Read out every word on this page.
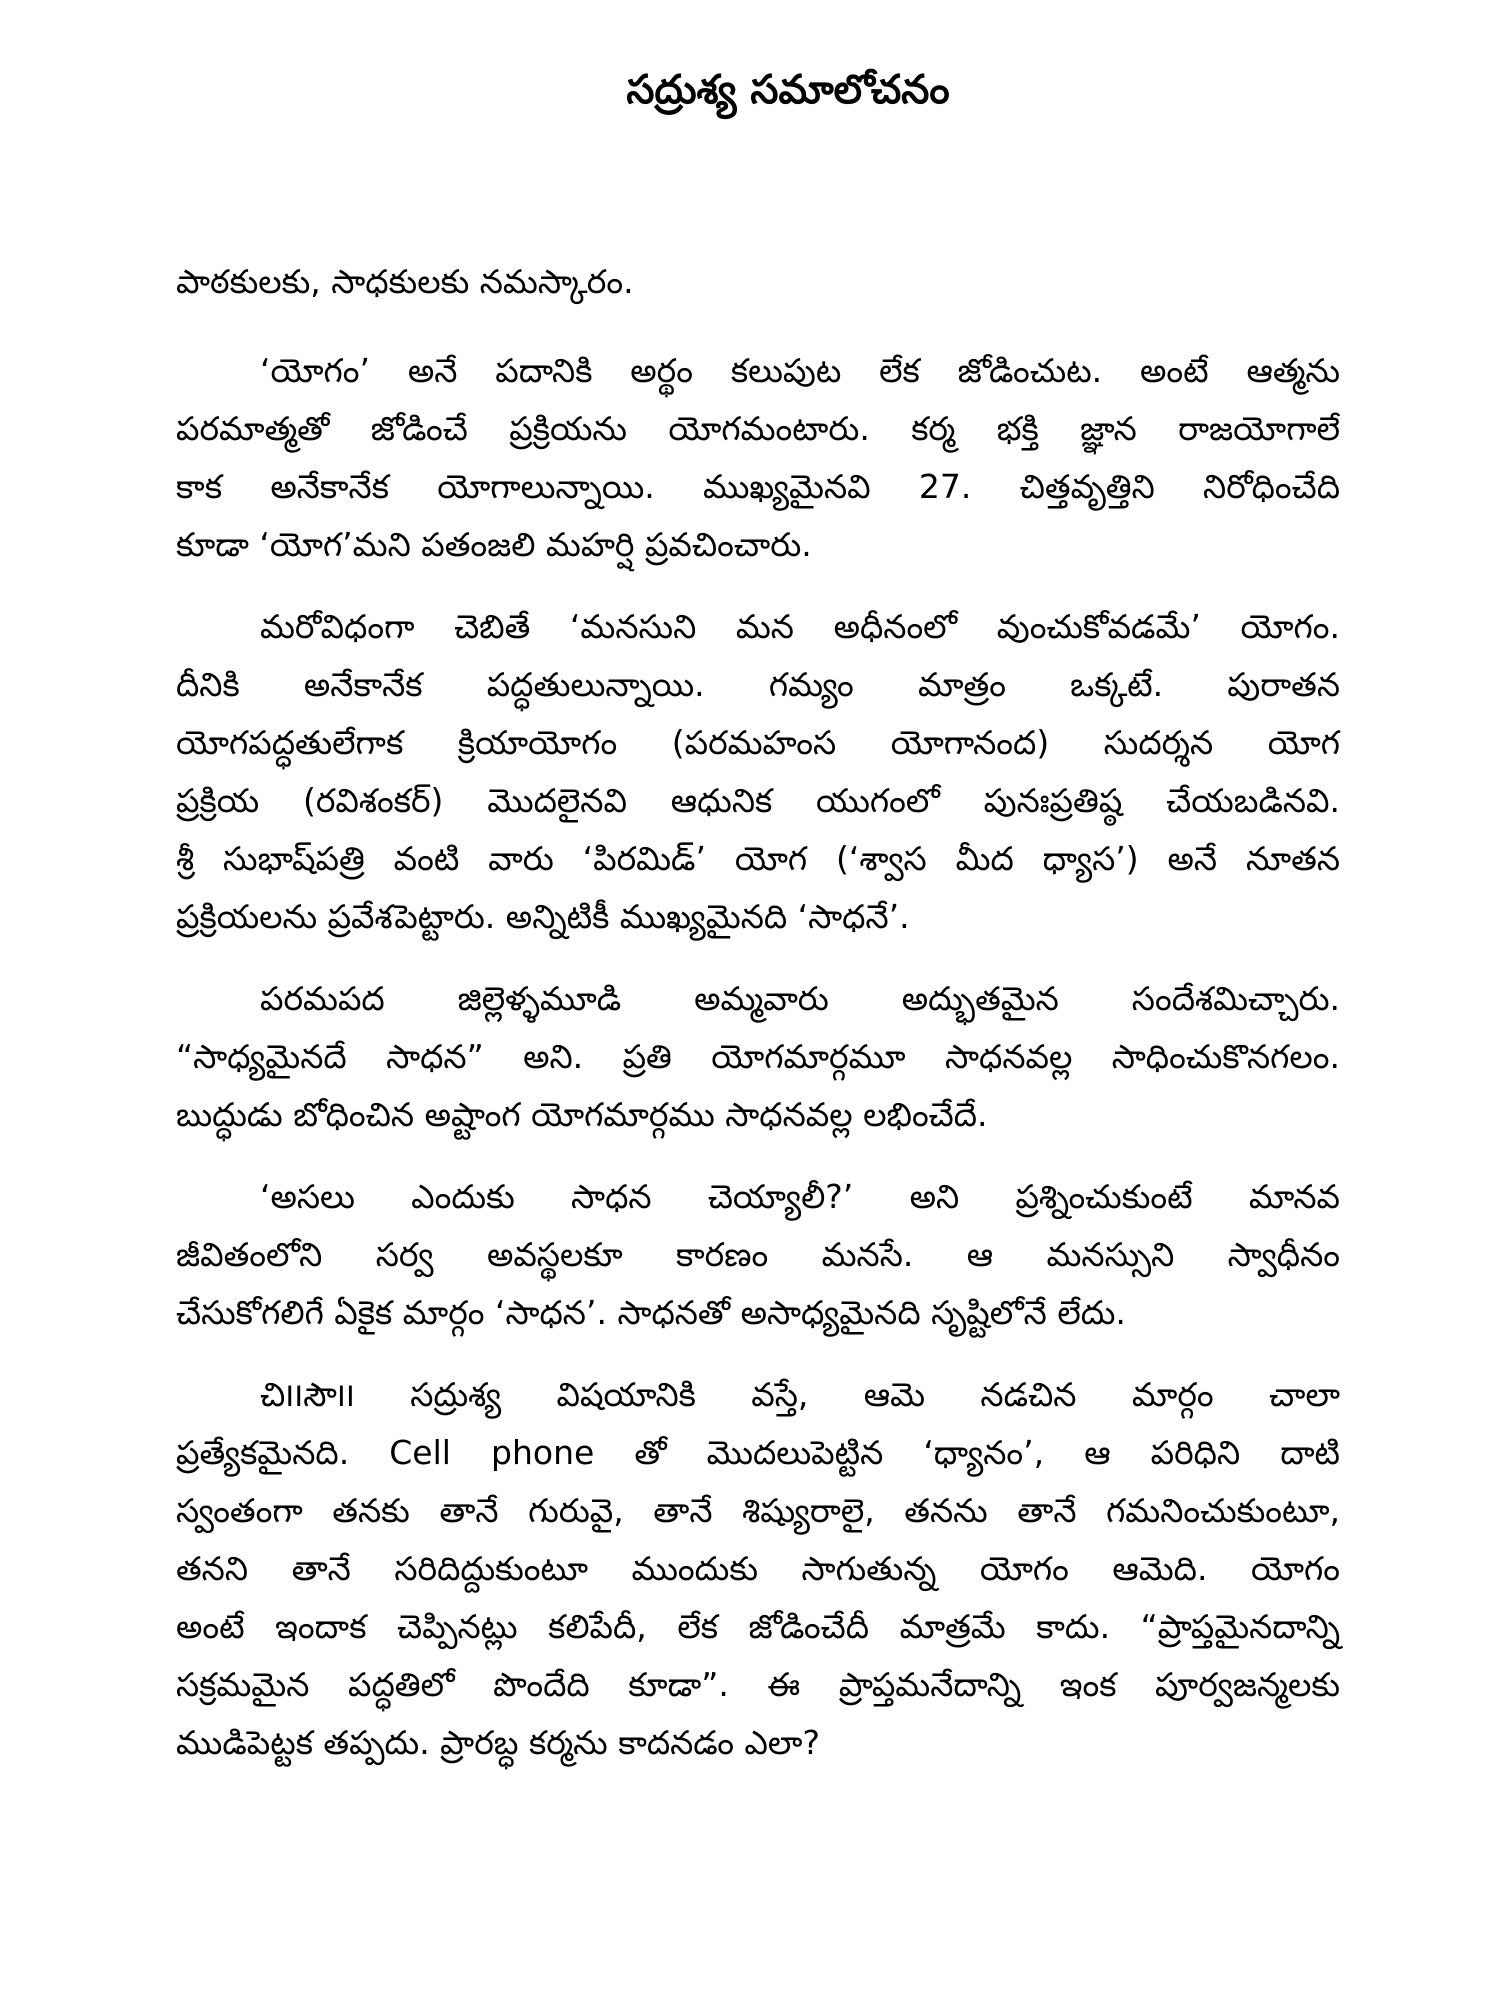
సద్రుశ్య సమాలోచనం

పాఠకులకు, సాధకులకు నమస్కారం.

‘యోగం’ అనే పదానికి అర్థం కలుపుట లేక జోడించుట. అంటే ఆత్మను
పరమాత్మతో జోడించే ప్రక్రియను యోగమంటారు. కర్మ భక్తి జ్ఞాన రాజయోగాలే
కాక అనేకానేక యోగాలున్నాయి. ముఖ్యమైనవి 27. చిత్తవృత్తిని నిరోధించేది
కూడా ‘యోగ’మని పతంజలి మహర్షి ప్రవచించారు.
మరోవిధంగా చెబితే ‘మనసుని మన అధీనంలో వుంచుకోవడమే’ యోగం.
దీనికి అనేకానేక పద్ధతులున్నాయి. గమ్యం మాత్రం ఒక్కటే. పురాతన
యోగపద్ధతులేగాక క్రియాయోగం (పరమహంస యోగానంద) సుదర్శన యోగ
ప్రక్రియ (రవిశంకర్) మొదలైనవి ఆధునిక యుగంలో పునఃప్రతిష్ఠ చేయబడినవి.
శ్రీ సుభాష్‌పత్రి వంటి వారు ‘పిరమిడ్’ యోగ (‘శ్వాస మీద ధ్యాస’) అనే నూతన
ప్రక్రియలను ప్రవేశపెట్టారు. అన్నిటికీ ముఖ్యమైనది ‘సాధనే’.
పరమపద జిల్లెళ్ళమూడి అమ్మవారు అద్భుతమైన సందేశమిచ్చారు.
“సాధ్యమైనదే సాధన” అని. ప్రతి యోగమార్గమూ సాధనవల్ల సాధించుకొనగలం.
బుద్ధుడు బోధించిన అష్టాంగ యోగమార్గము సాధనవల్ల లభించేదే.
‘అసలు ఎందుకు సాధన చెయ్యాలీ?’ అని ప్రశ్నించుకుంటే మానవ
జీవితంలోని సర్వ అవస్థలకూ కారణం మనసే. ఆ మనస్సుని స్వాధీనం
చేసుకోగలిగే ఏకైక మార్గం ‘సాధన’. సాధనతో అసాధ్యమైనది సృష్టిలోనే లేదు.
చి౹౹సౌ౹౹ సద్రుశ్య విషయానికి వస్తే, ఆమె నడచిన మార్గం చాలా
ప్రత్యేకమైనది. Cell phone తో మొదలుపెట్టిన ‘ధ్యానం’, ఆ పరిధిని దాటి
స్వంతంగా తనకు తానే గురువై, తానే శిష్యురాలై, తనను తానే గమనించుకుంటూ,
తనని తానే సరిదిద్దుకుంటూ ముందుకు సాగుతున్న యోగం ఆమెది. యోగం
అంటే ఇందాక చెప్పినట్లు కలిపేదీ, లేక జోడించేదీ మాత్రమే కాదు. “ప్రాప్తమైనదాన్ని
సక్రమమైన పద్ధతిలో పొందేది కూడా”. ఈ ప్రాప్తమనేదాన్ని ఇంక పూర్వజన్మలకు
ముడిపెట్టక తప్పదు. ప్రారబ్ధ కర్మను కాదనడం ఎలా?
